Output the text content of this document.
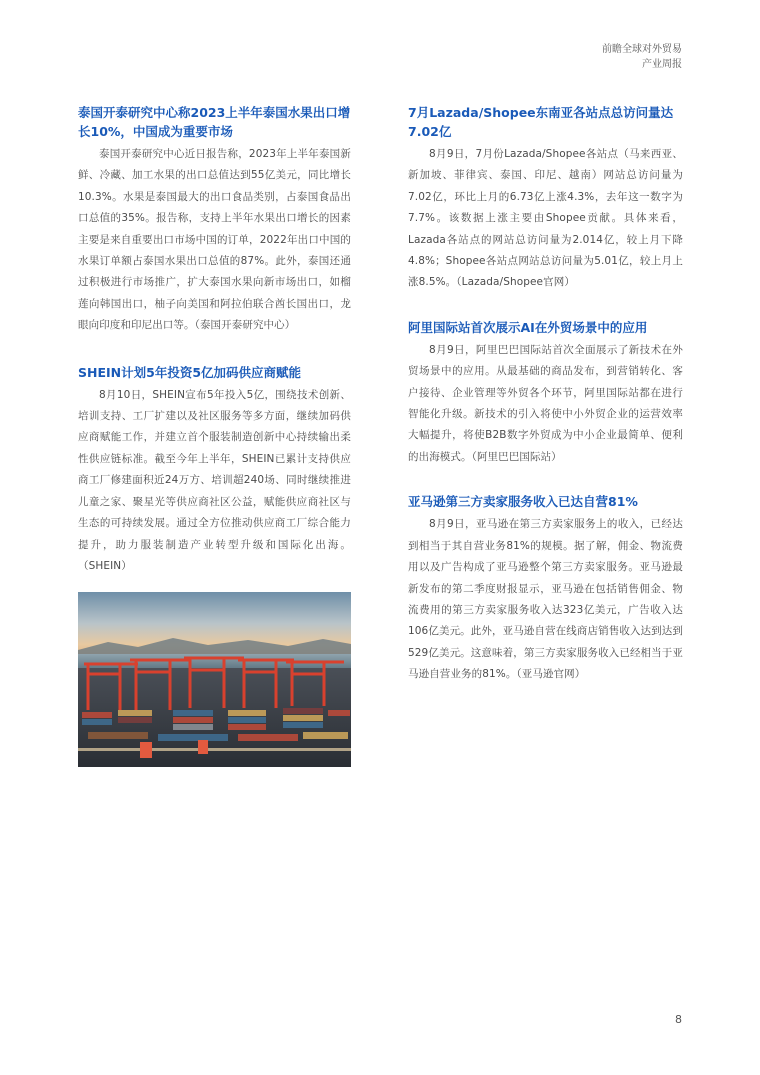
前瞻全球对外贸易
产业周报

泰国开泰研究中心称2023上半年泰国水果出口增长10%，中国成为重要市场

泰国开泰研究中心近日报告称，2023年上半年泰国新鲜、冷藏、加工水果的出口总值达到55亿美元，同比增长10.3%。水果是泰国最大的出口食品类别，占泰国食品出口总值的35%。报告称，支持上半年水果出口增长的因素主要是来自重要出口市场中国的订单，2022年出口中国的水果订单额占泰国水果出口总值的87%。此外，泰国还通过积极进行市场推广，扩大泰国水果向新市场出口，如榴莲向韩国出口，柚子向美国和阿拉伯联合酋长国出口，龙眼向印度和印尼出口等。（泰国开泰研究中心）

SHEIN计划5年投资5亿加码供应商赋能

8月10日，SHEIN宣布5年投入5亿，围绕技术创新、培训支持、工厂扩建以及社区服务等多方面，继续加码供应商赋能工作，并建立首个服装制造创新中心持续输出柔性供应链标准。截至今年上半年，SHEIN已累计支持供应商工厂修建面积近24万方、培训超240场、同时继续推进儿童之家、聚星光等供应商社区公益，赋能供应商社区与生态的可持续发展。通过全方位推动供应商工厂综合能力提升，助力服装制造产业转型升级和国际化出海。（SHEIN）

7月Lazada/Shopee东南亚各站点总访问量达7.02亿

8月9日，7月份Lazada/Shopee各站点（马来西亚、新加坡、菲律宾、泰国、印尼、越南）网站总访问量为7.02亿，环比上月的6.73亿上涨4.3%，去年这一数字为7.7%。该数据上涨主要由Shopee贡献。具体来看，Lazada各站点的网站总访问量为2.014亿，较上月下降4.8%；Shopee各站点网站总访问量为5.01亿，较上月上涨8.5%。（Lazada/Shopee官网）

阿里国际站首次展示AI在外贸场景中的应用

8月9日，阿里巴巴国际站首次全面展示了新技术在外贸场景中的应用。从最基础的商品发布，到营销转化、客户接待、企业管理等外贸各个环节，阿里国际站都在进行智能化升级。新技术的引入将使中小外贸企业的运营效率大幅提升，将使B2B数字外贸成为中小企业最简单、便利的出海模式。（阿里巴巴国际站）

亚马逊第三方卖家服务收入已达自营81%

8月9日，亚马逊在第三方卖家服务上的收入，已经达到相当于其自营业务81%的规模。据了解，佣金、物流费用以及广告构成了亚马逊整个第三方卖家服务。亚马逊最新发布的第二季度财报显示，亚马逊在包括销售佣金、物流费用的第三方卖家服务收入达323亿美元，广告收入达106亿美元。此外，亚马逊自营在线商店销售收入达到达到529亿美元。这意味着，第三方卖家服务收入已经相当于亚马逊自营业务的81%。（亚马逊官网）

8
